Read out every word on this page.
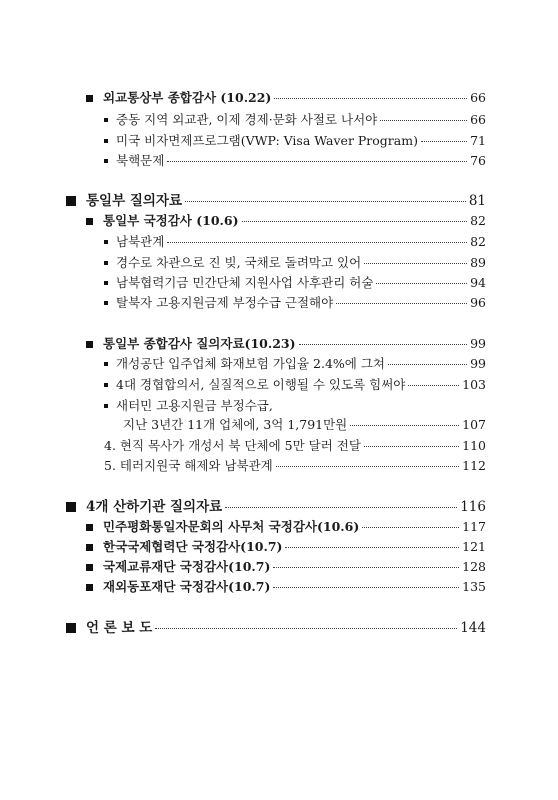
외교통상부 종합감사 (10.22)	66
중동 지역 외교관, 이제 경제·문화 사절로 나서야	66
미국 비자면제프로그램(VWP: Visa Waver Program)	71
북핵문제	76
통일부 질의자료	81
통일부 국정감사 (10.6)	82
남북관계	82
경수로 차관으로 진 빚, 국채로 돌려막고 있어	89
남북협력기금 민간단체 지원사업 사후관리 허술	94
탈북자 고용지원금제 부정수급 근절해야	96
통일부 종합감사 질의자료(10.23)	99
개성공단 입주업체 화재보험 가입율 2.4%에 그쳐	99
4대 경협합의서, 실질적으로 이행될 수 있도록 힘써야	103
새터민 고용지원금 부정수급,
지난 3년간 11개 업체에, 3억 1,791만원	107
4. 현직 목사가 개성서 북 단체에 5만 달러 전달	110
5. 테러지원국 해제와 남북관계	112
4개 산하기관 질의자료	116
민주평화통일자문회의 사무처 국정감사(10.6)	117
한국국제협력단 국정감사(10.7)	121
국제교류재단 국정감사(10.7)	128
재외동포재단 국정감사(10.7)	135
언 론 보 도	144
